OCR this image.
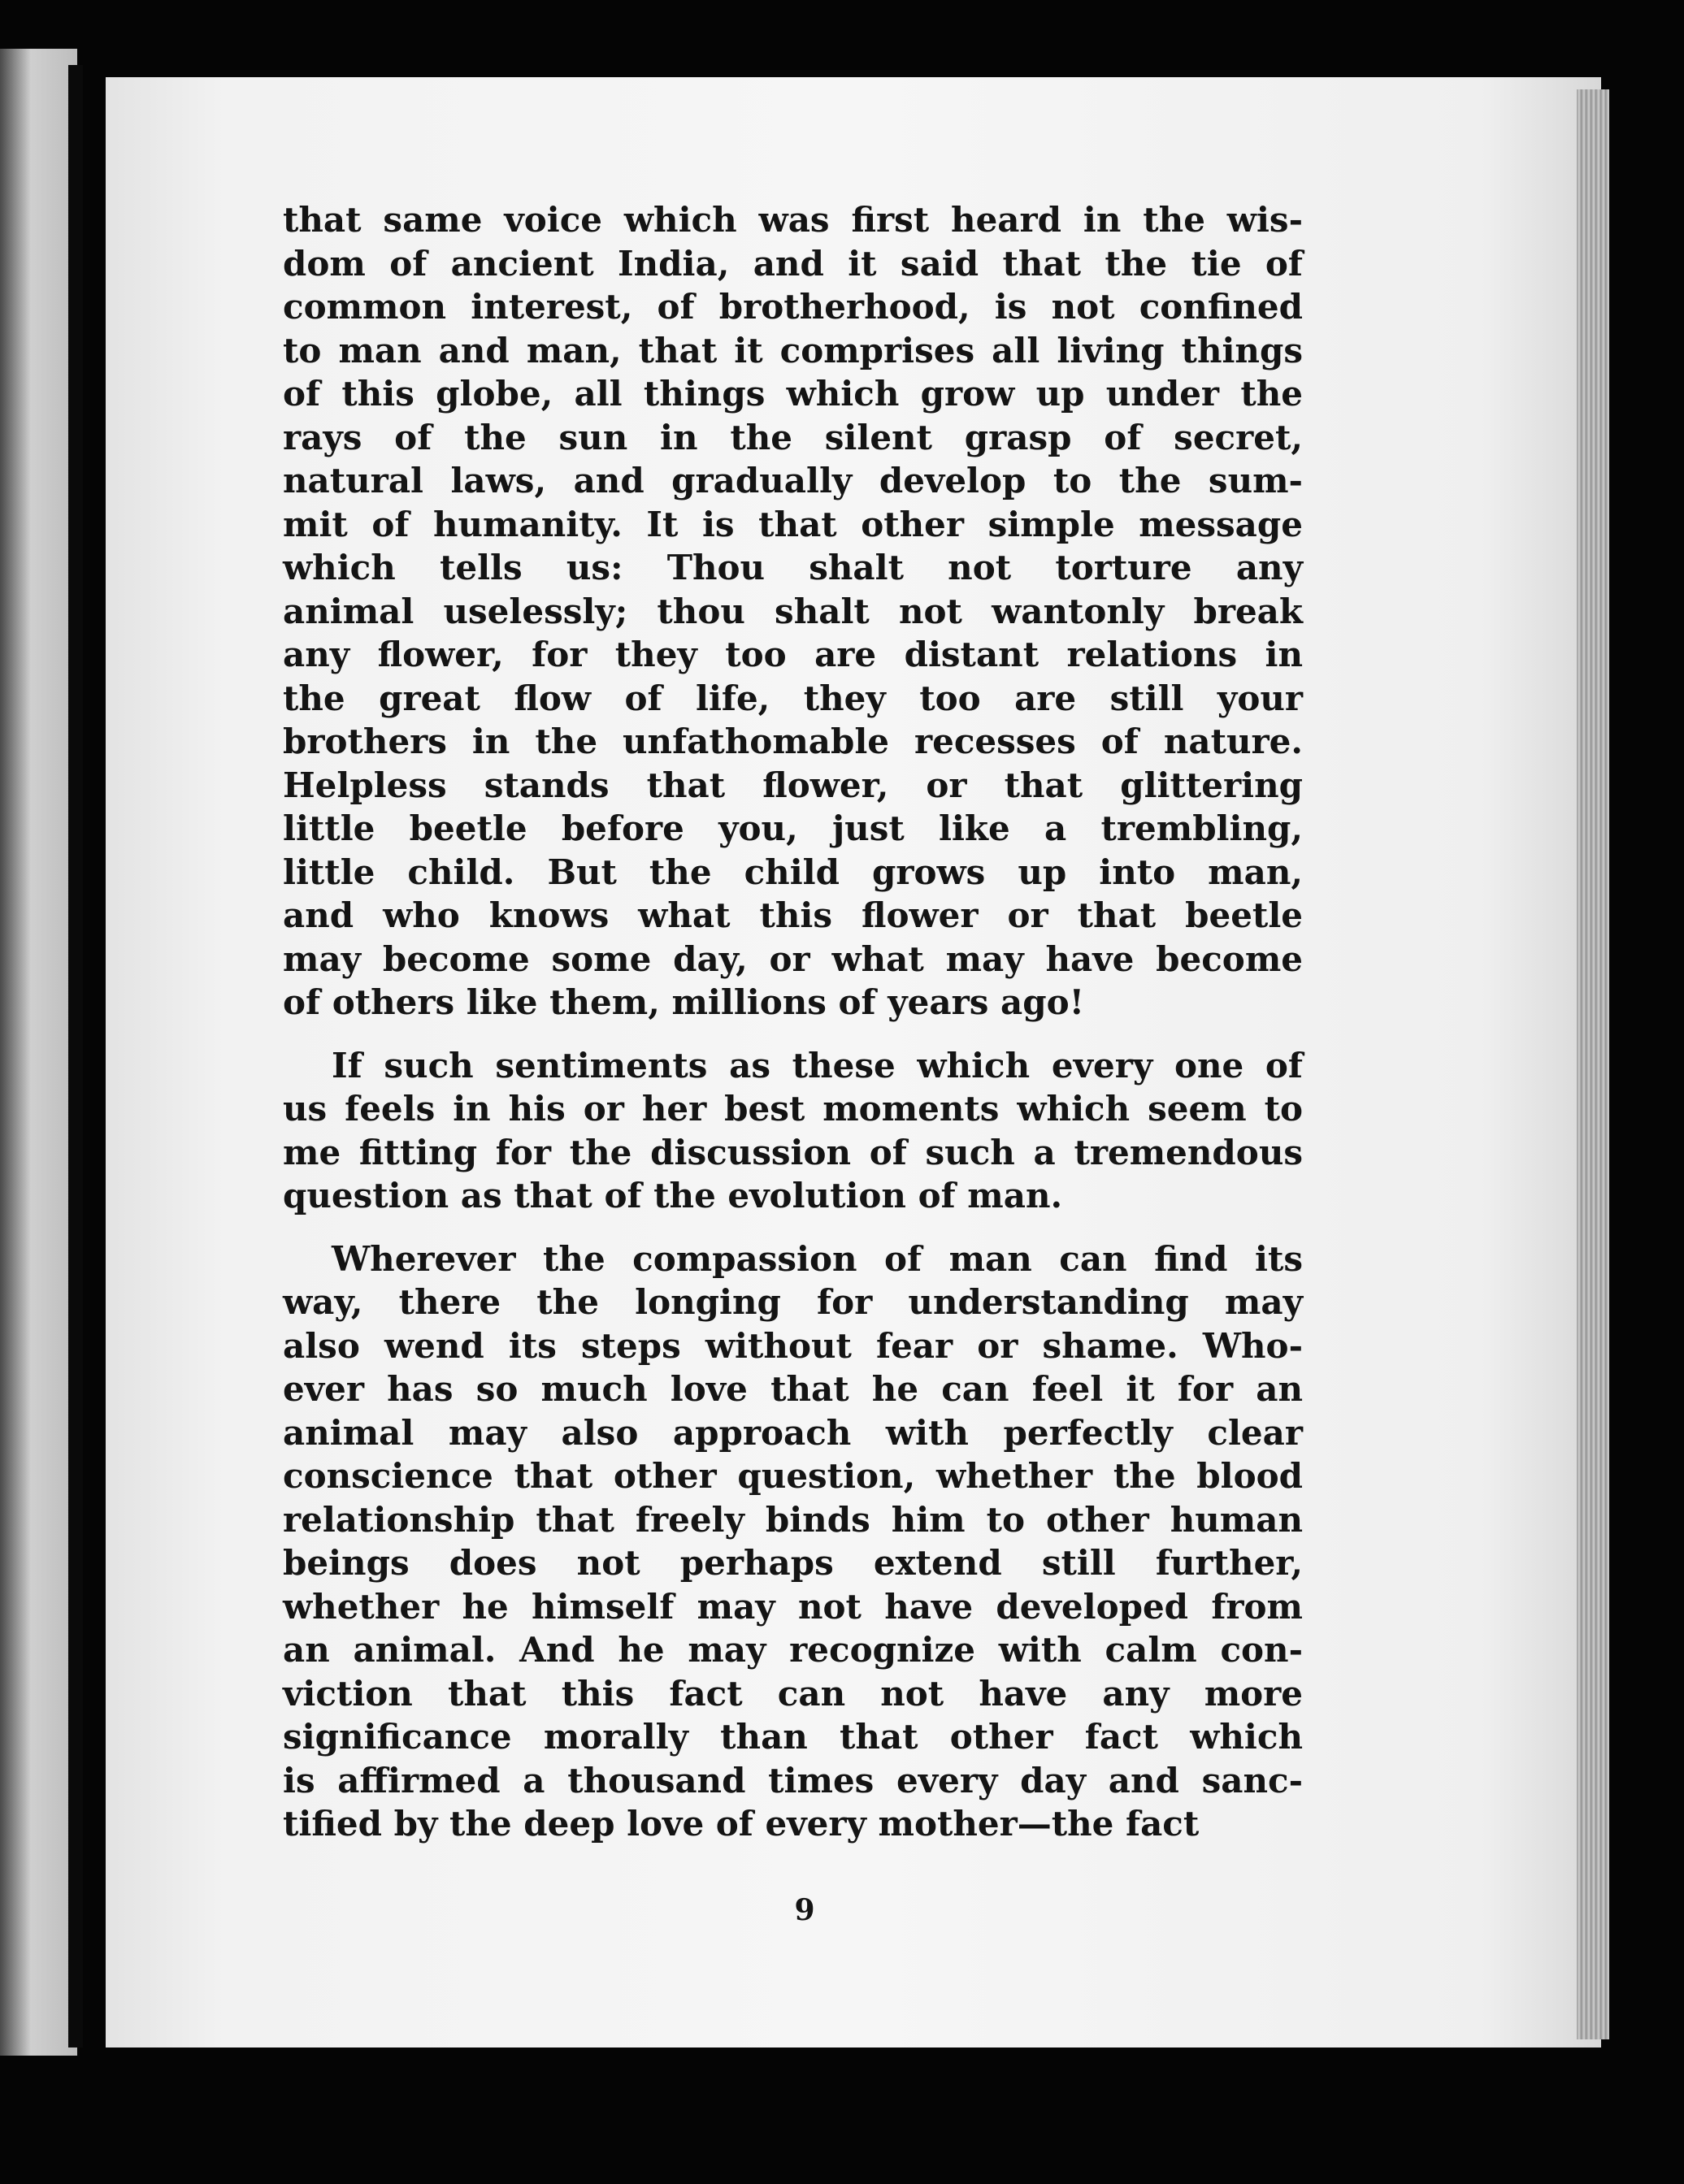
that same voice which was first heard in the wis-
dom of ancient India, and it said that the tie of
common interest, of brotherhood, is not confined
to man and man, that it comprises all living things
of this globe, all things which grow up under the
rays of the sun in the silent grasp of secret,
natural laws, and gradually develop to the sum-
mit of humanity. It is that other simple message
which tells us: Thou shalt not torture any
animal uselessly; thou shalt not wantonly break
any flower, for they too are distant relations in
the great flow of life, they too are still your
brothers in the unfathomable recesses of nature.
Helpless stands that flower, or that glittering
little beetle before you, just like a trembling,
little child. But the child grows up into man,
and who knows what this flower or that beetle
may become some day, or what may have become
of others like them, millions of years ago!
If such sentiments as these which every one of
us feels in his or her best moments which seem to
me fitting for the discussion of such a tremendous
question as that of the evolution of man.
Wherever the compassion of man can find its
way, there the longing for understanding may
also wend its steps without fear or shame. Who-
ever has so much love that he can feel it for an
animal may also approach with perfectly clear
conscience that other question, whether the blood
relationship that freely binds him to other human
beings does not perhaps extend still further,
whether he himself may not have developed from
an animal. And he may recognize with calm con-
viction that this fact can not have any more
significance morally than that other fact which
is affirmed a thousand times every day and sanc-
tified by the deep love of every mother—the fact
9
